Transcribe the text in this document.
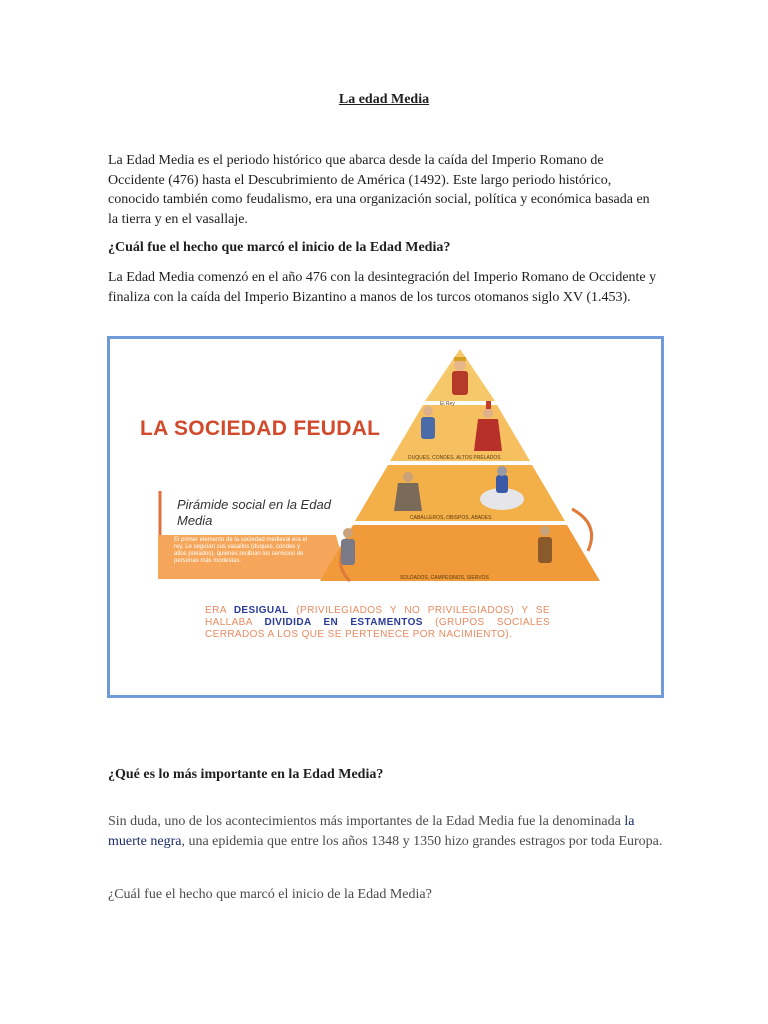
La edad Media

La Edad Media es el periodo histórico que abarca desde la caída del Imperio Romano de Occidente (476) hasta el Descubrimiento de América (1492). Este largo periodo histórico, conocido también como feudalismo, era una organización social, política y económica basada en la tierra y en el vasallaje.

¿Cuál fue el hecho que marcó el inicio de la Edad Media?

La Edad Media comenzó en el año 476 con la desintegración del Imperio Romano de Occidente y finaliza con la caída del Imperio Bizantino a manos de los turcos otomanos siglo XV (1.453).

LA SOCIEDAD FEUDAL
Pirámide social en la Edad Media
El primer elemento de la sociedad medieval era el rey. Le seguían sus vasallos (duques, condes y altos prelados), quienes recibían los servicios de personas más modestas.
El Rey
DUQUES, CONDES, ALTOS PRELADOS
CABALLEROS, OBISPOS, ABADES
SOLDADOS, CAMPESINOS, SIERVOS
ERA DESIGUAL (PRIVILEGIADOS Y NO PRIVILEGIADOS) Y SE HALLABA DIVIDIDA EN ESTAMENTOS (GRUPOS SOCIALES CERRADOS A LOS QUE SE PERTENECE POR NACIMIENTO).

¿Qué es lo más importante en la Edad Media?

Sin duda, uno de los acontecimientos más importantes de la Edad Media fue la denominada la muerte negra, una epidemia que entre los años 1348 y 1350 hizo grandes estragos por toda Europa.

¿Cuál fue el hecho que marcó el inicio de la Edad Media?
